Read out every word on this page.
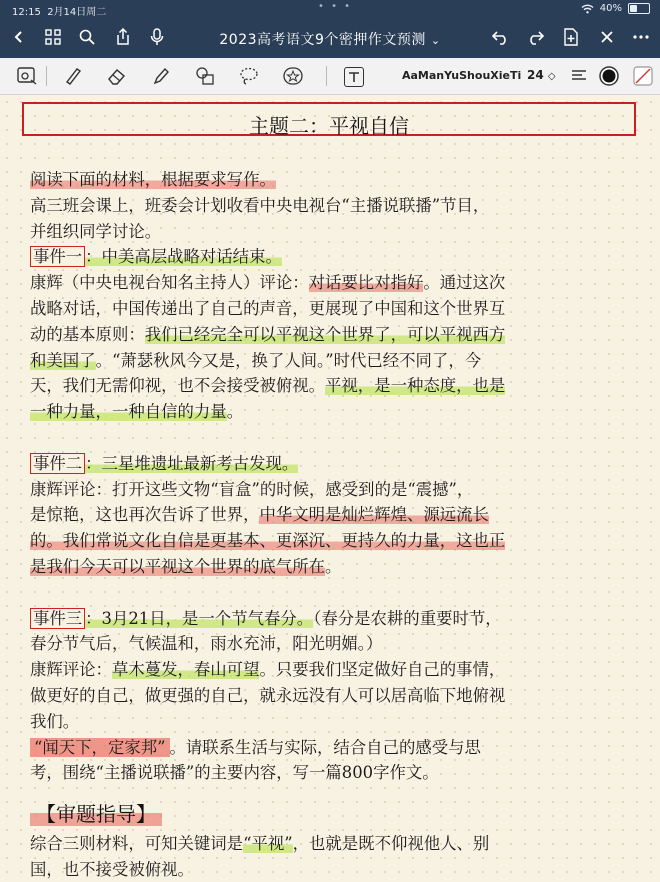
12:15 2月14日周二
• • •	40%
2023高考语文9个密押作文预测 ⌄
AaManYuShouXieTi 24 ◇
主题二：平视自信
阅读下面的材料，根据要求写作。
高三班会课上，班委会计划收看中央电视台“主播说联播”节目，
并组织同学讨论。
事件一 ：中美高层战略对话结束。
康辉（中央电视台知名主持人）评论：对话要比对指好。通过这次
战略对话，中国传递出了自己的声音，更展现了中国和这个世界互
动的基本原则：我们已经完全可以平视这个世界了，可以平视西方
和美国了。“萧瑟秋风今又是，换了人间。”时代已经不同了，今
天，我们无需仰视，也不会接受被俯视。平视，是一种态度，也是
一种力量，一种自信的力量。
事件二 ：三星堆遗址最新考古发现。
康辉评论：打开这些文物“盲盒”的时候，感受到的是“震撼”，
是惊艳，这也再次告诉了世界，中华文明是灿烂辉煌、源远流长
的。我们常说文化自信是更基本、更深沉、更持久的力量，这也正
是我们今天可以平视这个世界的底气所在。
事件三 ：3月21日，是一个节气春分。（春分是农耕的重要时节，
春分节气后，气候温和，雨水充沛，阳光明媚。）
康辉评论：草木蔓发，春山可望。只要我们坚定做好自己的事情，
做更好的自己，做更强的自己，就永远没有人可以居高临下地俯视
我们。
“闻天下，定家邦” 。请联系生活与实际，结合自己的感受与思
考，围绕“主播说联播”的主要内容，写一篇800字作文。
【审题指导】
综合三则材料，可知关键词是“平视”，也就是既不仰视他人、别
国，也不接受被俯视。
